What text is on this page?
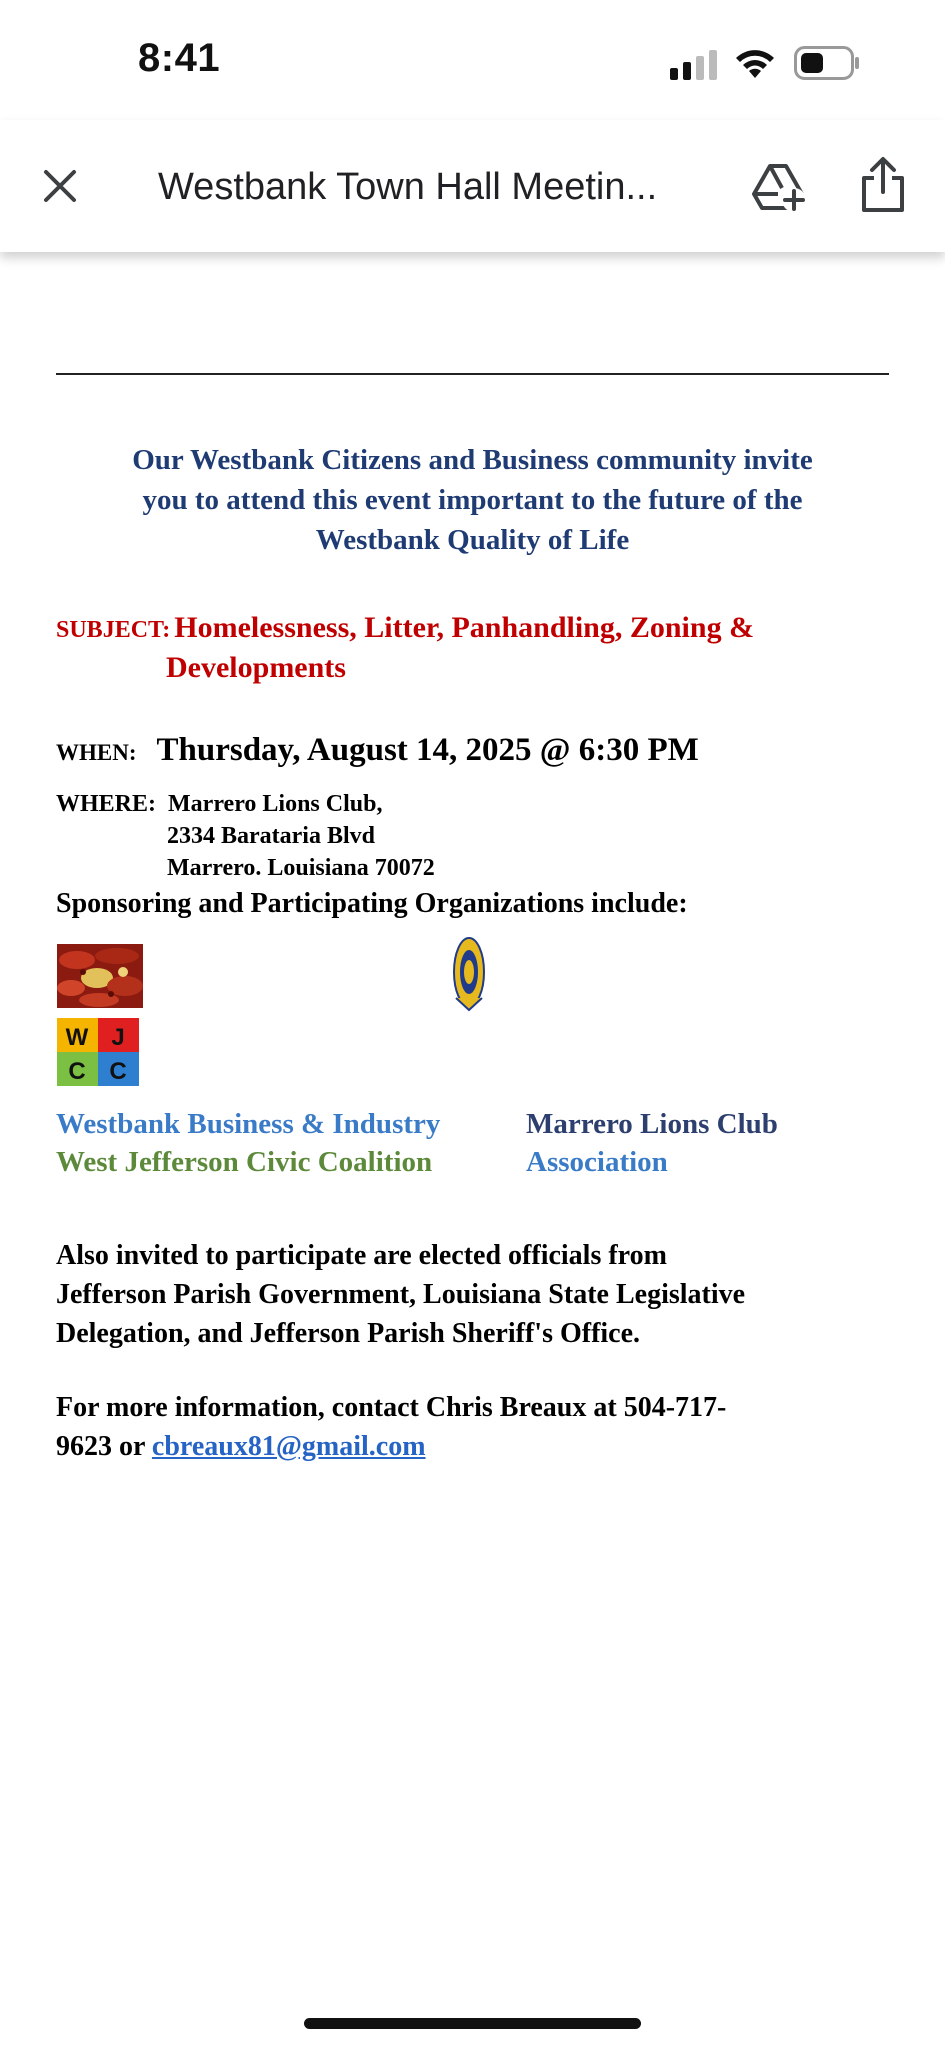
8:41
Westbank Town Hall Meetin...
Our Westbank Citizens and Business community invite
you to attend this event important to the future of the
Westbank Quality of Life
SUBJECT: Homelessness, Litter, Panhandling, Zoning &
Developments
WHEN: Thursday, August 14, 2025 @ 6:30 PM
WHERE: Marrero Lions Club,
2334 Barataria Blvd
Marrero. Louisiana 70072
Sponsoring and Participating Organizations include:
W J
C C
Westbank Business & Industry
West Jefferson Civic Coalition
Marrero Lions Club
Association
Also invited to participate are elected officials from
Jefferson Parish Government, Louisiana State Legislative
Delegation, and Jefferson Parish Sheriff's Office.
For more information, contact Chris Breaux at 504-717-
9623 or cbreaux81@gmail.com
